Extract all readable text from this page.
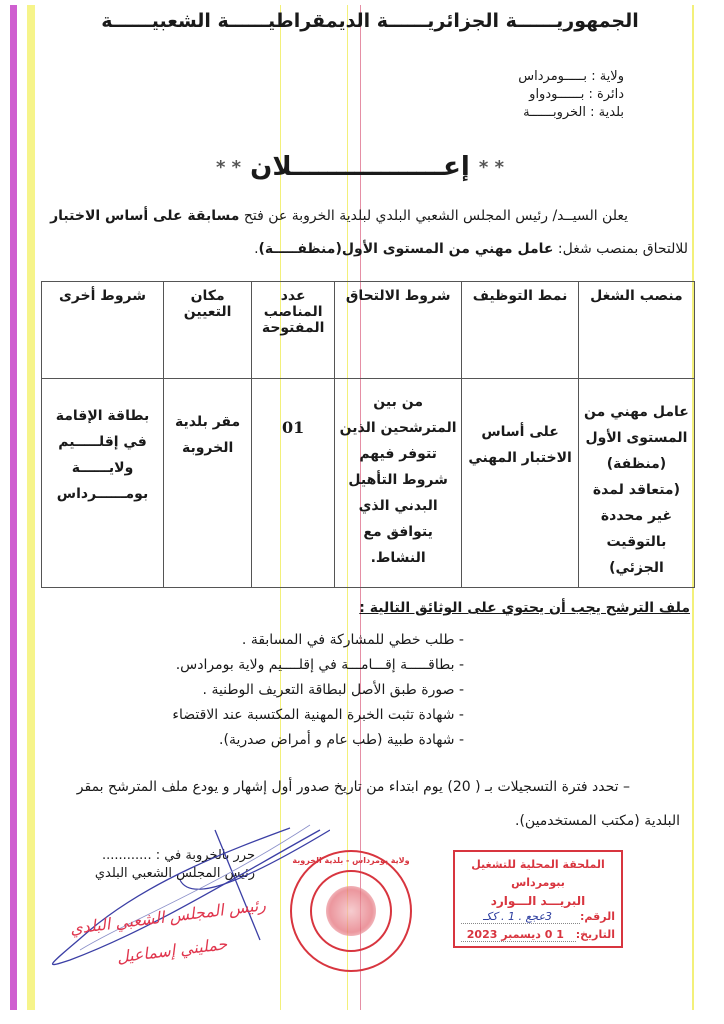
الجمهوريــــــة الجزائريــــــة الديمقراطيــــــة الشعبيــــــة
ولاية : بـــــومرداس
دائرة : بــــــودواو
بلدية : الخروبــــــة
* * إعـــــــــــــــــلان * *
يعلن السيــد/ رئيس المجلس الشعبي البلدي لبلدية الخروبة عن فتح مسابقة على أساس الاختبار
للالتحاق بمنصب شغل: عامل مهني من المستوى الأول(منظفـــــة).
منصب الشغل	نمط التوظيف	شروط الالتحاق	عدد المناصب المفتوحة	مكان التعيين	شروط أخرى
عامل مهني من المستوى الأول (منظفة) (متعاقد لمدة غير محددة بالتوقيت الجزئي)	على أساس الاختبار المهني	من بين المترشحين الذين تتوفر فيهم شروط التأهيل البدني الذي يتوافق مع النشاط.	01	مقر بلدية الخروبة	بطاقة الإقامة في إقلـــــيم ولايــــــة بومــــــرداس
ملف الترشح يجب أن يحتوي على الوثائق التالية :
- طلب خطي للمشاركة في المسابقة .
- بطاقـــــة إقـــامـــة في إقلــــيم ولاية بومرادس.
- صورة طبق الأصل لبطاقة التعريف الوطنية .
- شهادة تثبت الخبرة المهنية المكتسبة عند الاقتضاء
- شهادة طبية (طب عام و أمراض صدرية).
– تحدد فترة التسجيلات بـ ( 20) يوم ابتداء من تاريخ صدور أول إشهار و يودع ملف المترشح بمقر
البلدية (مكتب المستخدمين).
حرر بالخروبة في : ............
رئيس المجلس الشعبي البلدي
رئيس المجلس الشعبي البلدي
حمليني إسماعيل
ولاية بومرداس - بلدية الخروبة	الملحقة المحلية للتشغيل ببومرداس
البريـــد الـــوارد
الرقم:
3ع‍ج‍ع . 1 . ككـ
التاريخ:
1 0 ديسمبر 2023
